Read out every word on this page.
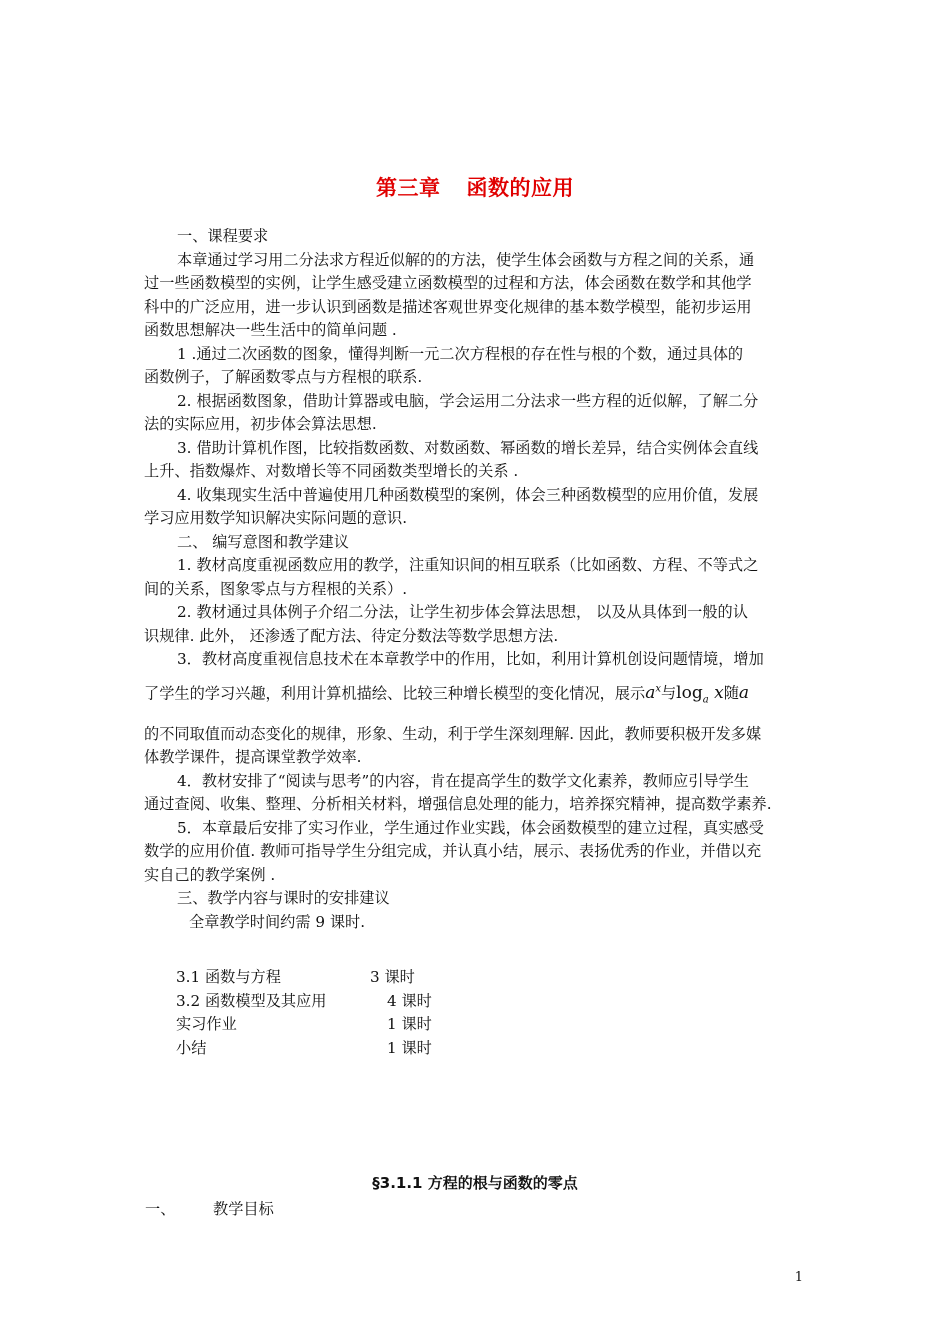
第三章 函数的应用

一、课程要求

本章通过学习用二分法求方程近似解的的方法，使学生体会函数与方程之间的关系，通
过一些函数模型的实例，让学生感受建立函数模型的过程和方法，体会函数在数学和其他学
科中的广泛应用，进一步认识到函数是描述客观世界变化规律的基本数学模型，能初步运用
函数思想解决一些生活中的简单问题 .
1 .通过二次函数的图象，懂得判断一元二次方程根的存在性与根的个数，通过具体的
函数例子，了解函数零点与方程根的联系.
2. 根据函数图象，借助计算器或电脑，学会运用二分法求一些方程的近似解，了解二分
法的实际应用，初步体会算法思想.
3. 借助计算机作图，比较指数函数、对数函数、幂函数的增长差异，结合实例体会直线
上升、指数爆炸、对数增长等不同函数类型增长的关系 .
4. 收集现实生活中普遍使用几种函数模型的案例，体会三种函数模型的应用价值，发展
学习应用数学知识解决实际问题的意识.

二、 编写意图和教学建议

1. 教材高度重视函数应用的教学，注重知识间的相互联系（比如函数、方程、不等式之
间的关系，图象零点与方程根的关系）.
2. 教材通过具体例子介绍二分法，让学生初步体会算法思想， 以及从具体到一般的认
识规律. 此外， 还渗透了配方法、待定分数法等数学思想方法.
3．教材高度重视信息技术在本章教学中的作用，比如，利用计算机创设问题情境，增加
了学生的学习兴趣，利用计算机描绘、比较三种增长模型的变化情况，展示$a^x$与$\log_a x$随a
的不同取值而动态变化的规律，形象、生动，利于学生深刻理解. 因此，教师要积极开发多媒
体教学课件，提高课堂教学效率.
4．教材安排了“阅读与思考”的内容，肯在提高学生的数学文化素养，教师应引导学生
通过查阅、收集、整理、分析相关材料，增强信息处理的能力，培养探究精神，提高数学素养.
5．本章最后安排了实习作业，学生通过作业实践，体会函数模型的建立过程，真实感受
数学的应用价值. 教师可指导学生分组完成，并认真小结，展示、表扬优秀的作业，并借以充
实自己的教学案例 .

三、教学内容与课时的安排建议

全章教学时间约需 9 课时.

3.1 函数与方程	3 课时
3.2 函数模型及其应用	4 课时
实习作业	1 课时
小结	1 课时
§3.1.1 方程的根与函数的零点
一、 教学目标
1
